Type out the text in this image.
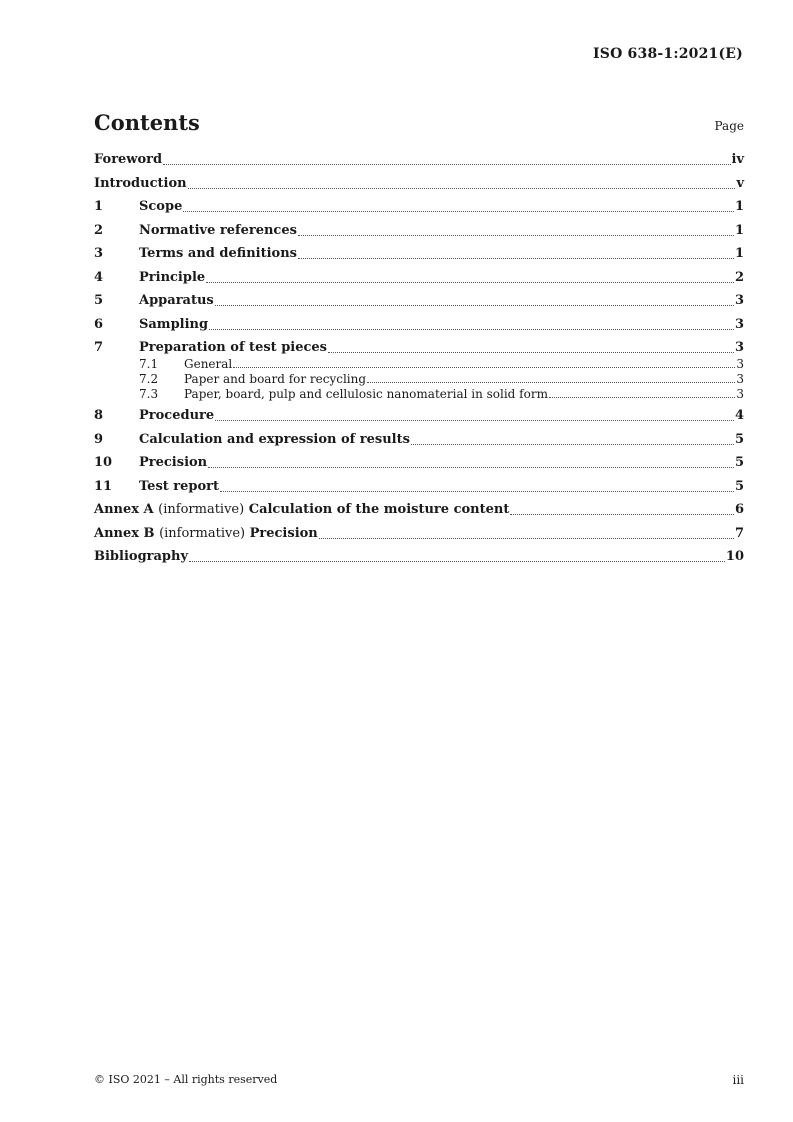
ISO 638-1:2021(E)
Contents	Page
Foreword	iv
Introduction	v
1	Scope	1
2	Normative references	1
3	Terms and definitions	1
4	Principle	2
5	Apparatus	3
6	Sampling	3
7	Preparation of test pieces	3
7.1	General	3
7.2	Paper and board for recycling	3
7.3	Paper, board, pulp and cellulosic nanomaterial in solid form	3
8	Procedure	4
9	Calculation and expression of results	5
10	Precision	5
11	Test report	5
Annex A (informative) Calculation of the moisture content	6
Annex B (informative) Precision	7
Bibliography	10
© ISO 2021 – All rights reserved	iii
